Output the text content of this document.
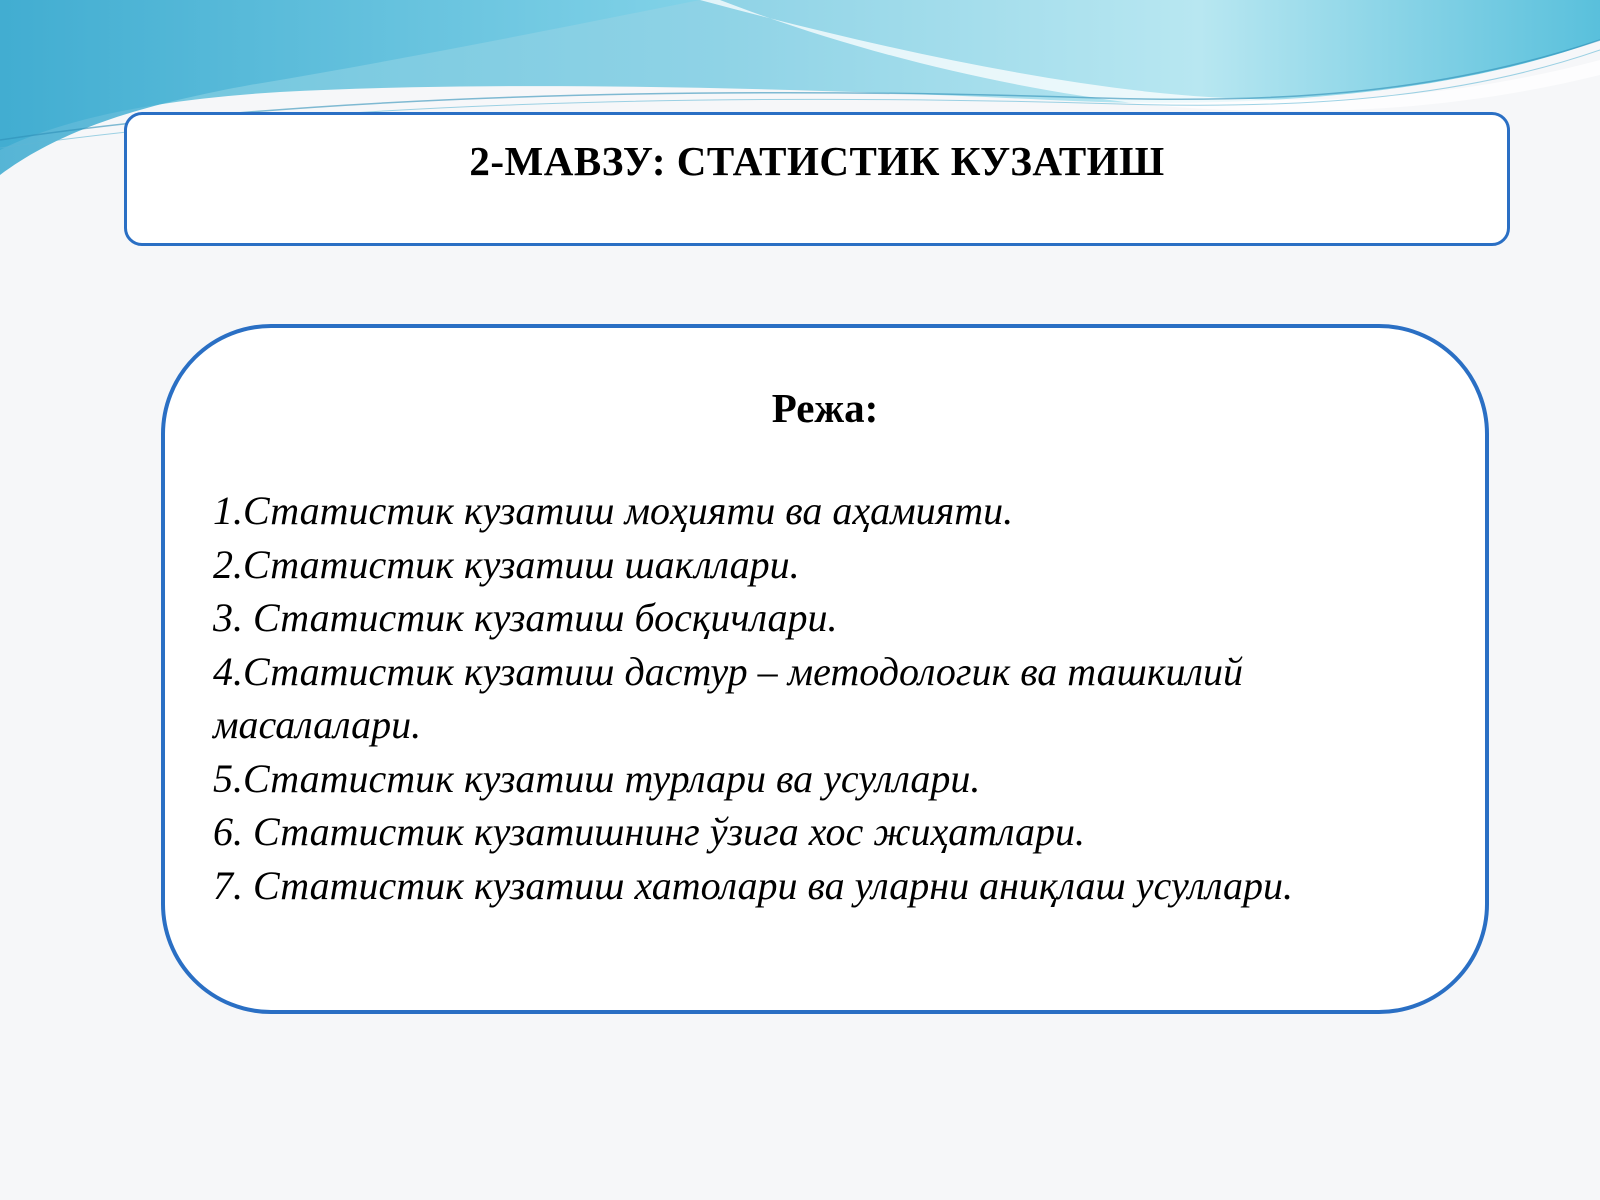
2-МАВЗУ: СТАТИСТИК КУЗАТИШ
Режа:
1.Статистик кузатиш моҳияти ва аҳамияти.
2.Статистик кузатиш шакллари.
3. Статистик кузатиш босқичлари.
4.Статистик кузатиш дастур – методологик ва ташкилий масалалари.
5.Статистик кузатиш турлари ва усуллари.
6. Статистик кузатишнинг ўзига хос жиҳатлари.
7. Статистик кузатиш хатолари ва уларни аниқлаш усуллари.
